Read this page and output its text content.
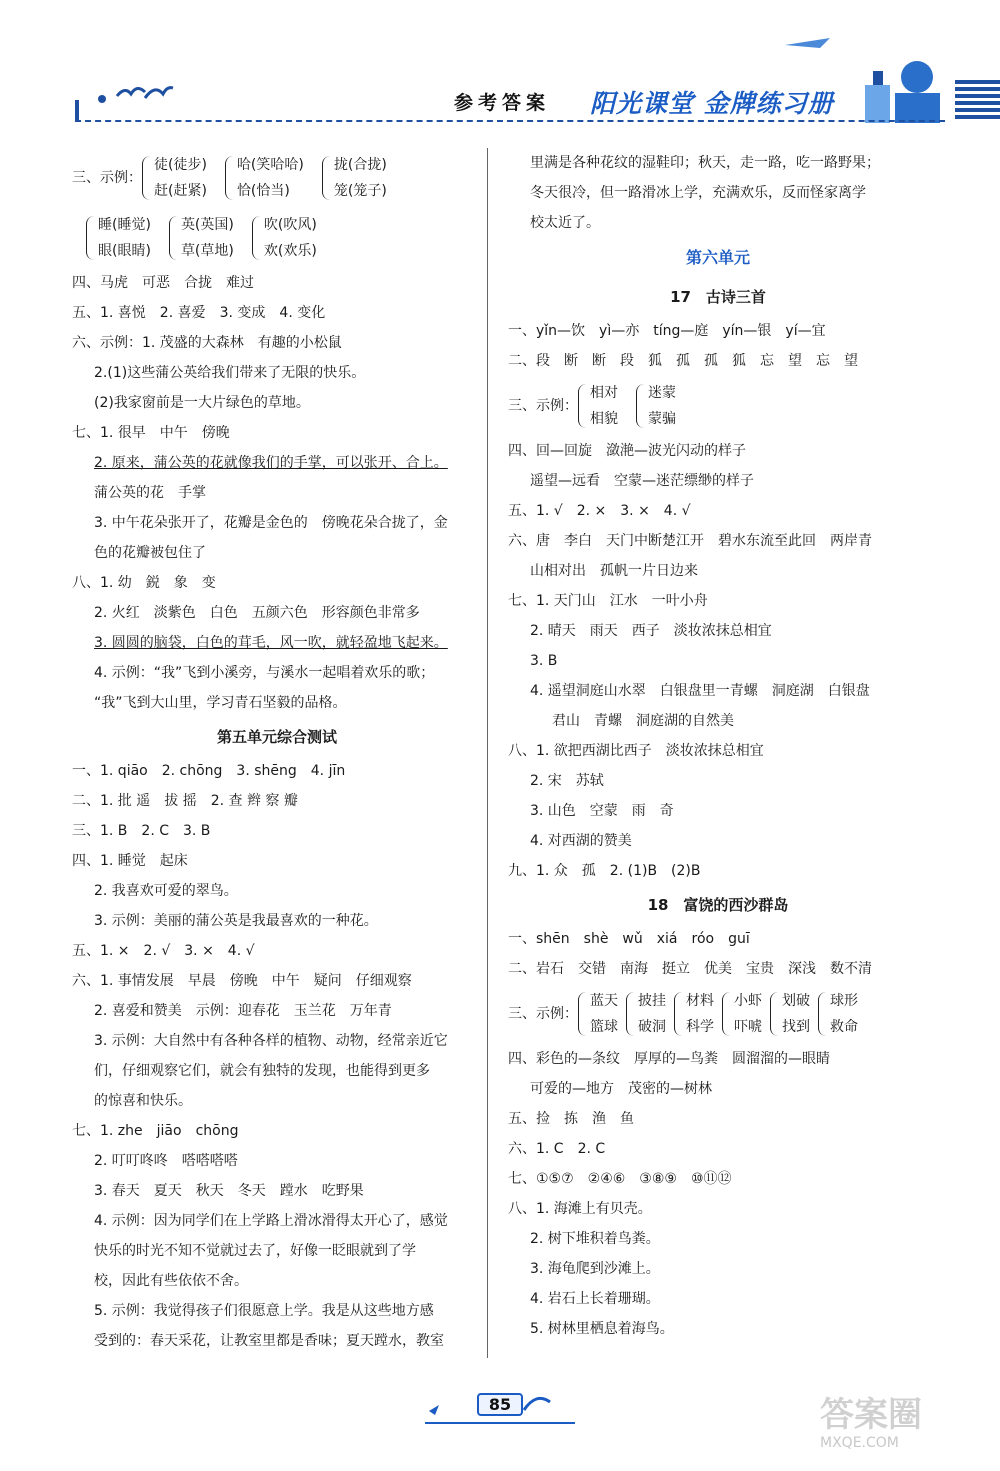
参考答案 阳光课堂 金牌练习册
三、示例：
徒(徒步)
赶(赶紧)
哈(笑哈哈)
恰(恰当)
拢(合拢)
笼(笼子)
睡(睡觉)
眼(眼睛)
英(英国)
草(草地)
吹(吹风)
欢(欢乐)
四、马虎　可恶　合拢　难过
五、1. 喜悦　2. 喜爱　3. 变成　4. 变化
六、示例：1. 茂盛的大森林　有趣的小松鼠
2.(1)这些蒲公英给我们带来了无限的快乐。
(2)我家窗前是一大片绿色的草地。
七、1. 很早　中午　傍晚
2. 原来，蒲公英的花就像我们的手掌，可以张开、合上。
蒲公英的花　手掌
3. 中午花朵张开了，花瓣是金色的　傍晚花朵合拢了，金
色的花瓣被包住了
八、1. 幼　鋭　象　变
2. 火红　淡紫色　白色　五颜六色　形容颜色非常多
3. 圆圆的脑袋，白色的茸毛，风一吹，就轻盈地飞起来。
4. 示例：“我”飞到小溪旁，与溪水一起唱着欢乐的歌；
“我”飞到大山里，学习青石坚毅的品格。
第五单元综合测试
一、1. qiāo　2. chōng　3. shēng　4. jīn
二、1. 批 遥　拔 摇　2. 查 辫 察 瓣
三、1. B　2. C　3. B
四、1. 睡觉　起床
2. 我喜欢可爱的翠鸟。
3. 示例：美丽的蒲公英是我最喜欢的一种花。
五、1. ×　2. √　3. ×　4. √
六、1. 事情发展　早晨　傍晚　中午　疑问　仔细观察
2. 喜爱和赞美　示例：迎春花　玉兰花　万年青
3. 示例：大自然中有各种各样的植物、动物，经常亲近它
们，仔细观察它们，就会有独特的发现，也能得到更多
的惊喜和快乐。
七、1. zhe　jiāo　chōng
2. 叮叮咚咚　嗒嗒嗒嗒
3. 春天　夏天　秋天　冬天　蹚水　吃野果
4. 示例：因为同学们在上学路上滑冰滑得太开心了，感觉
快乐的时光不知不觉就过去了，好像一眨眼就到了学
校，因此有些依依不舍。
5. 示例：我觉得孩子们很愿意上学。我是从这些地方感
受到的：春天采花，让教室里都是香味；夏天蹚水，教室
里满是各种花纹的湿鞋印；秋天，走一路，吃一路野果；
冬天很冷，但一路滑冰上学，充满欢乐，反而怪家离学
校太近了。
第六单元
17　古诗三首
一、yǐn—饮　yì—亦　tíng—庭　yín—银　yí—宜
二、段　断　断　段　狐　孤　孤　狐　忘　望　忘　望
三、示例：
相对
相貌
迷蒙
蒙骗
四、回—回旋　潋滟—波光闪动的样子
遥望—远看　空蒙—迷茫缥缈的样子
五、1. √　2. ×　3. ×　4. √
六、唐　李白　天门中断楚江开　碧水东流至此回　两岸青
山相对出　孤帆一片日边来
七、1. 天门山　江水　一叶小舟
2. 晴天　雨天　西子　淡妆浓抹总相宜
3. B
4. 遥望洞庭山水翠　白银盘里一青螺　洞庭湖　白银盘
君山　青螺　洞庭湖的自然美
八、1. 欲把西湖比西子　淡妆浓抹总相宜
2. 宋　苏轼
3. 山色　空蒙　雨　奇
4. 对西湖的赞美
九、1. 众　孤　2. (1)B　(2)B
18　富饶的西沙群岛
一、shēn　shè　wǔ　xiá　róo　guī
二、岩石　交错　南海　挺立　优美　宝贵　深浅　数不清
三、示例：
蓝天
篮球
披挂
破洞
材料
科学
小虾
吓唬
划破
找到
球形
救命
四、彩色的—条纹　厚厚的—鸟粪　圆溜溜的—眼睛
可爱的—地方　茂密的—树林
五、捡　拣　渔　鱼
六、1. C　2. C
七、①⑤⑦　②④⑥　③⑧⑨　⑩⑪⑫
八、1. 海滩上有贝壳。
2. 树下堆积着鸟粪。
3. 海龟爬到沙滩上。
4. 岩石上长着珊瑚。
5. 树林里栖息着海鸟。
85	答案圈
MXQE.COM
